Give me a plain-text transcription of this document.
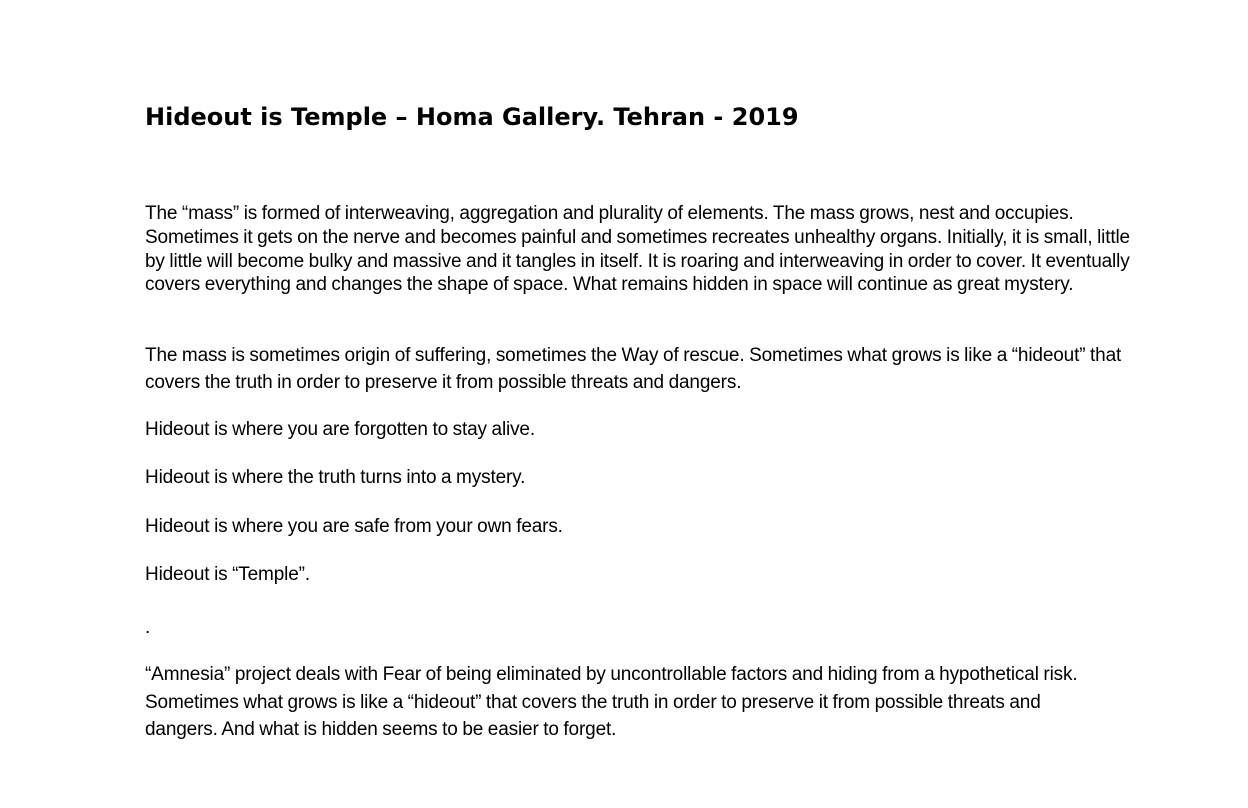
Hideout is Temple – Homa Gallery. Tehran - 2019

The “mass” is formed of interweaving, aggregation and plurality of elements. The mass grows, nest and occupies. Sometimes it gets on the nerve and becomes painful and sometimes recreates unhealthy organs. Initially, it is small, little by little will become bulky and massive and it tangles in itself. It is roaring and interweaving in order to cover. It eventually covers everything and changes the shape of space. What remains hidden in space will continue as great mystery.

The mass is sometimes origin of suffering, sometimes the Way of rescue. Sometimes what grows is like a “hideout” that covers the truth in order to preserve it from possible threats and dangers.

Hideout is where you are forgotten to stay alive.

Hideout is where the truth turns into a mystery.

Hideout is where you are safe from your own fears.

Hideout is “Temple”.

.

“Amnesia” project deals with Fear of being eliminated by uncontrollable factors and hiding from a hypothetical risk. Sometimes what grows is like a “hideout” that covers the truth in order to preserve it from possible threats and dangers. And what is hidden seems to be easier to forget.
